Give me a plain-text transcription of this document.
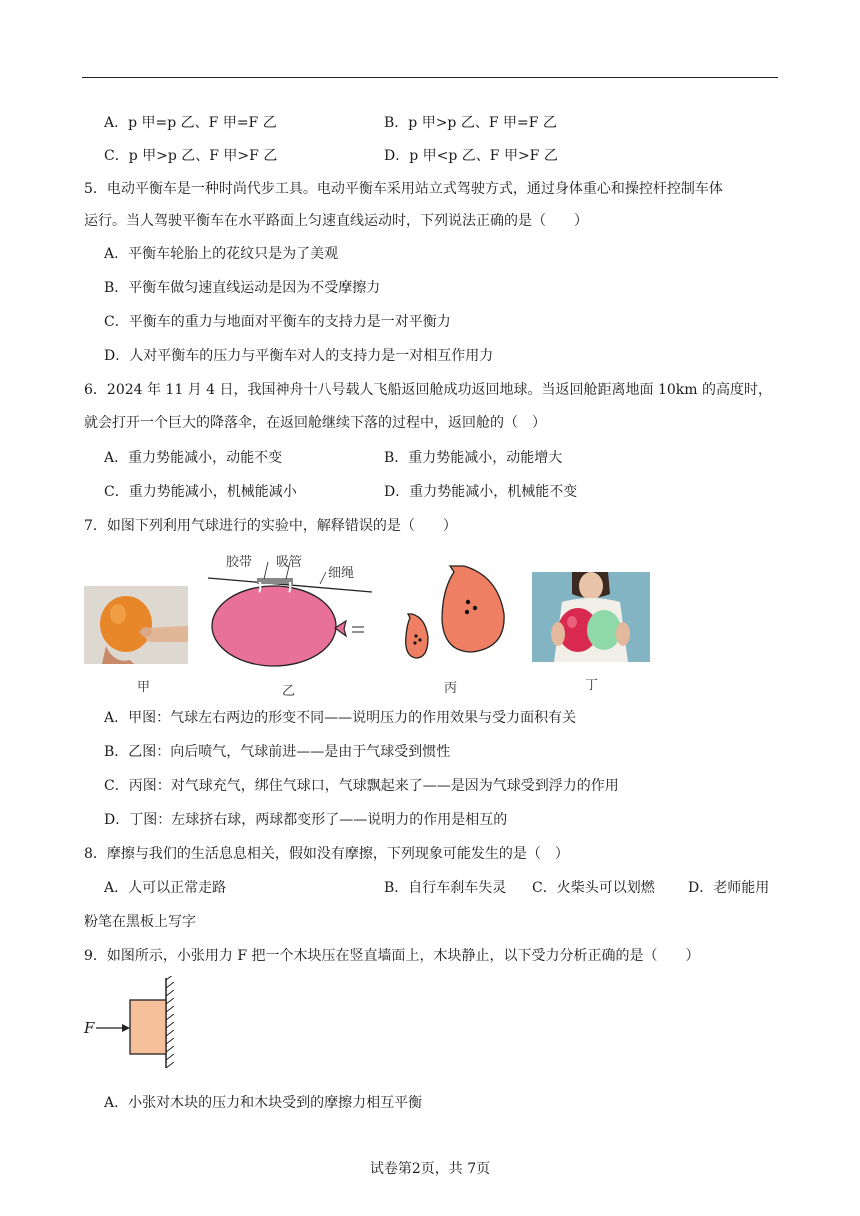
A．p 甲=p 乙、F 甲=F 乙	B．p 甲>p 乙、F 甲=F 乙
C．p 甲>p 乙、F 甲>F 乙	D．p 甲<p 乙、F 甲>F 乙
5．电动平衡车是一种时尚代步工具。电动平衡车采用站立式驾驶方式，通过身体重心和操控杆控制车体
运行。当人驾驶平衡车在水平路面上匀速直线运动时，下列说法正确的是（　　）
A．平衡车轮胎上的花纹只是为了美观
B．平衡车做匀速直线运动是因为不受摩擦力
C．平衡车的重力与地面对平衡车的支持力是一对平衡力
D．人对平衡车的压力与平衡车对人的支持力是一对相互作用力
6．2024 年 11 月 4 日，我国神舟十八号载人飞船返回舱成功返回地球。当返回舱距离地面 10km 的高度时，
就会打开一个巨大的降落伞，在返回舱继续下落的过程中，返回舱的（　）
A．重力势能减小，动能不变	B．重力势能减小，动能增大
C．重力势能减小，机械能减小	D．重力势能减小，机械能不变
7．如图下列利用气球进行的实验中，解释错误的是（　　）
胶带 吸管
细绳
甲	乙	丙	丁
A．甲图：气球左右两边的形变不同——说明压力的作用效果与受力面积有关
B．乙图：向后喷气，气球前进——是由于气球受到惯性
C．丙图：对气球充气，绑住气球口，气球飘起来了——是因为气球受到浮力的作用
D．丁图：左球挤右球，两球都变形了——说明力的作用是相互的
8．摩擦与我们的生活息息相关，假如没有摩擦，下列现象可能发生的是（　）
A．人可以正常走路	B．自行车刹车失灵 C．火柴头可以划燃 D．老师能用
粉笔在黑板上写字
9．如图所示，小张用力 F 把一个木块压在竖直墙面上，木块静止，以下受力分析正确的是（　　）
F
A．小张对木块的压力和木块受到的摩擦力相互平衡
试卷第2页，共 7页
